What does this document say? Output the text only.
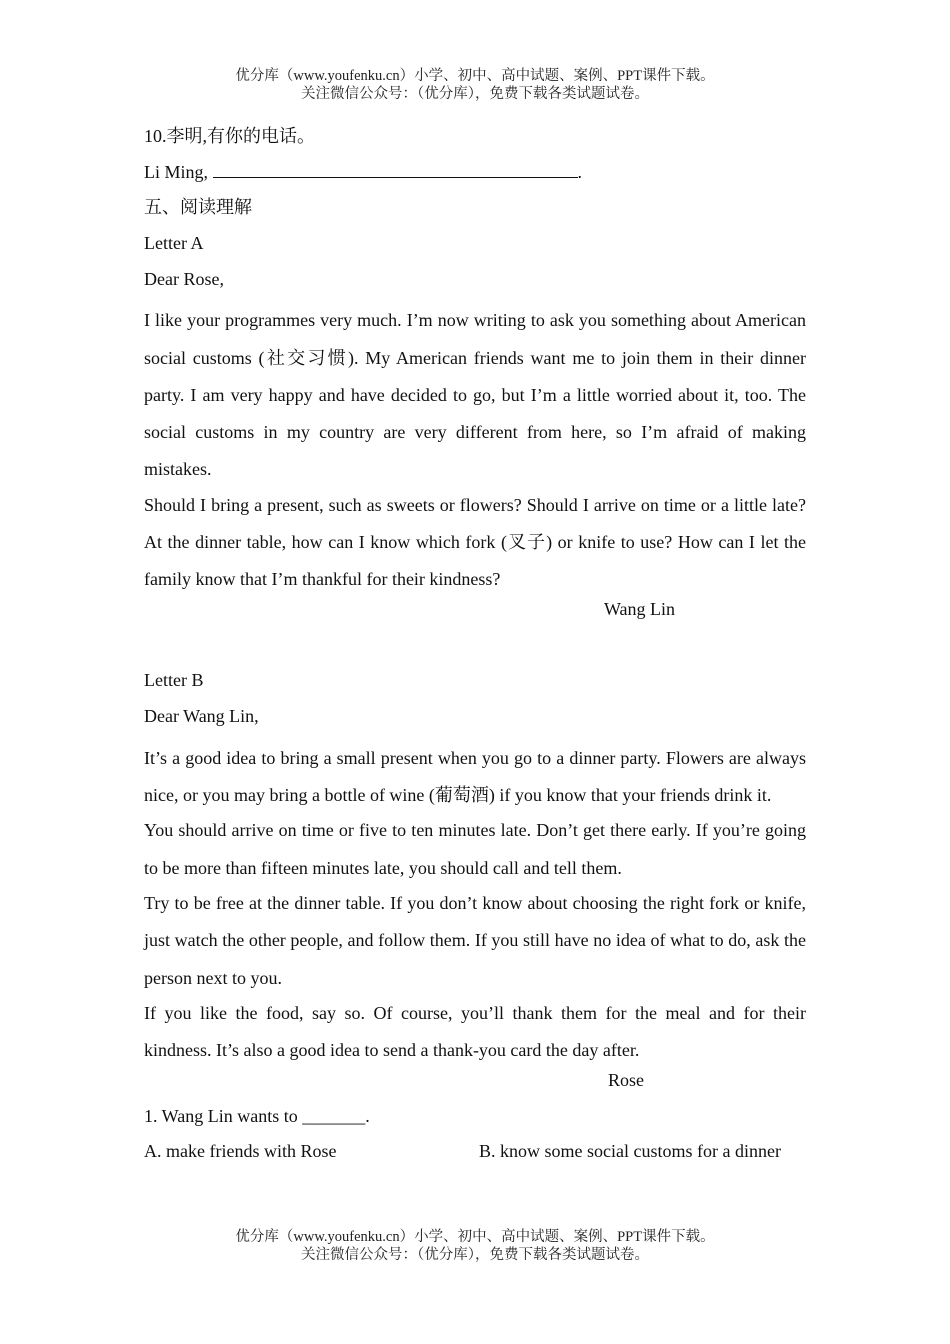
优分库（www.youfenku.cn）小学、初中、高中试题、案例、PPT课件下载。
关注微信公众号：（优分库），免费下载各类试题试卷。
10.李明,有你的电话。
Li Ming,	.
五、阅读理解
Letter A
Dear Rose,
I like your programmes very much. I’m now writing to ask you something about American social customs (社交习惯). My American friends want me to join them in their dinner party. I am very happy and have decided to go, but I’m a little worried about it, too. The social customs in my country are very different from here, so I’m afraid of making mistakes.
Should I bring a present, such as sweets or flowers? Should I arrive on time or a little late? At the dinner table, how can I know which fork (叉子) or knife to use? How can I let the family know that I’m thankful for their kindness?
Wang Lin
Letter B
Dear Wang Lin,
It’s a good idea to bring a small present when you go to a dinner party. Flowers are always nice, or you may bring a bottle of wine (葡萄酒) if you know that your friends drink it.
You should arrive on time or five to ten minutes late. Don’t get there early. If you’re going to be more than fifteen minutes late, you should call and tell them.
Try to be free at the dinner table. If you don’t know about choosing the right fork or knife, just watch the other people, and follow them. If you still have no idea of what to do, ask the person next to you.
If you like the food, say so. Of course, you’ll thank them for the meal and for their kindness. It’s also a good idea to send a thank-you card the day after.
Rose
1. Wang Lin wants to _______.
A. make friends with Rose	B. know some social customs for a dinner
优分库（www.youfenku.cn）小学、初中、高中试题、案例、PPT课件下载。
关注微信公众号：（优分库），免费下载各类试题试卷。
